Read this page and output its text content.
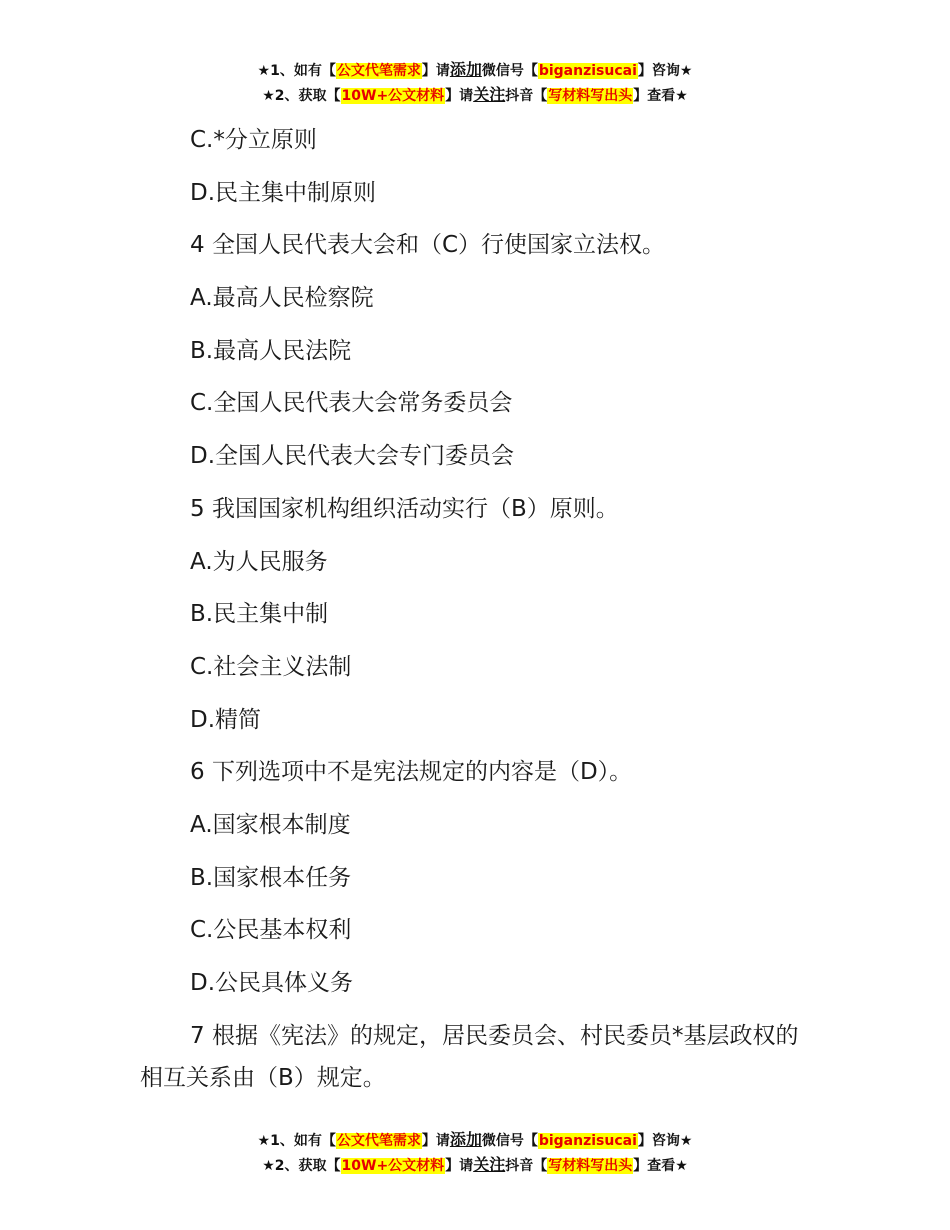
★1、如有【公文代笔需求】请添加微信号【biganzisucai】咨询★
★2、获取【10W+公文材料】请关注抖音【写材料写出头】查看★
C.*分立原则
D.民主集中制原则
4 全国人民代表大会和（C）行使国家立法权。
A.最高人民检察院
B.最高人民法院
C.全国人民代表大会常务委员会
D.全国人民代表大会专门委员会
5 我国国家机构组织活动实行（B）原则。
A.为人民服务
B.民主集中制
C.社会主义法制
D.精简
6 下列选项中不是宪法规定的内容是（D）。
A.国家根本制度
B.国家根本任务
C.公民基本权利
D.公民具体义务
7 根据《宪法》的规定，居民委员会、村民委员*基层政权的相互关系由（B）规定。
★1、如有【公文代笔需求】请添加微信号【biganzisucai】咨询★
★2、获取【10W+公文材料】请关注抖音【写材料写出头】查看★
